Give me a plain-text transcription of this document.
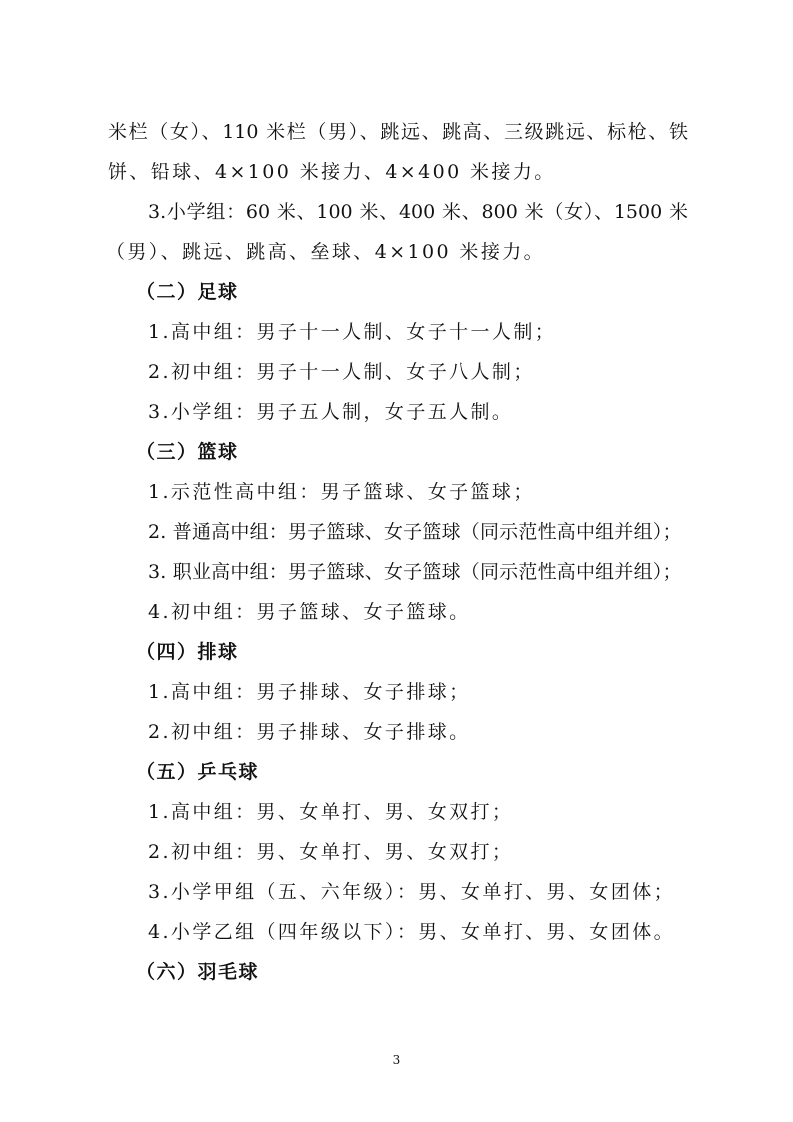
米栏（女）、110 米栏（男）、跳远、跳高、三级跳远、标枪、铁
饼、铅球、4×100 米接力、4×400 米接力。
3.小学组：60 米、100 米、400 米、800 米（女）、1500 米
（男）、跳远、跳高、垒球、4×100 米接力。
（二）足球
1.高中组：男子十一人制、女子十一人制；
2.初中组：男子十一人制、女子八人制；
3.小学组：男子五人制，女子五人制。
（三）篮球
1.示范性高中组：男子篮球、女子篮球；
2. 普通高中组：男子篮球、女子篮球（同示范性高中组并组）；
3. 职业高中组：男子篮球、女子篮球（同示范性高中组并组）；
4.初中组：男子篮球、女子篮球。
（四）排球
1.高中组：男子排球、女子排球；
2.初中组：男子排球、女子排球。
（五）乒乓球
1.高中组：男、女单打、男、女双打；
2.初中组：男、女单打、男、女双打；
3.小学甲组（五、六年级）：男、女单打、男、女团体；
4.小学乙组（四年级以下）：男、女单打、男、女团体。
（六）羽毛球
3
